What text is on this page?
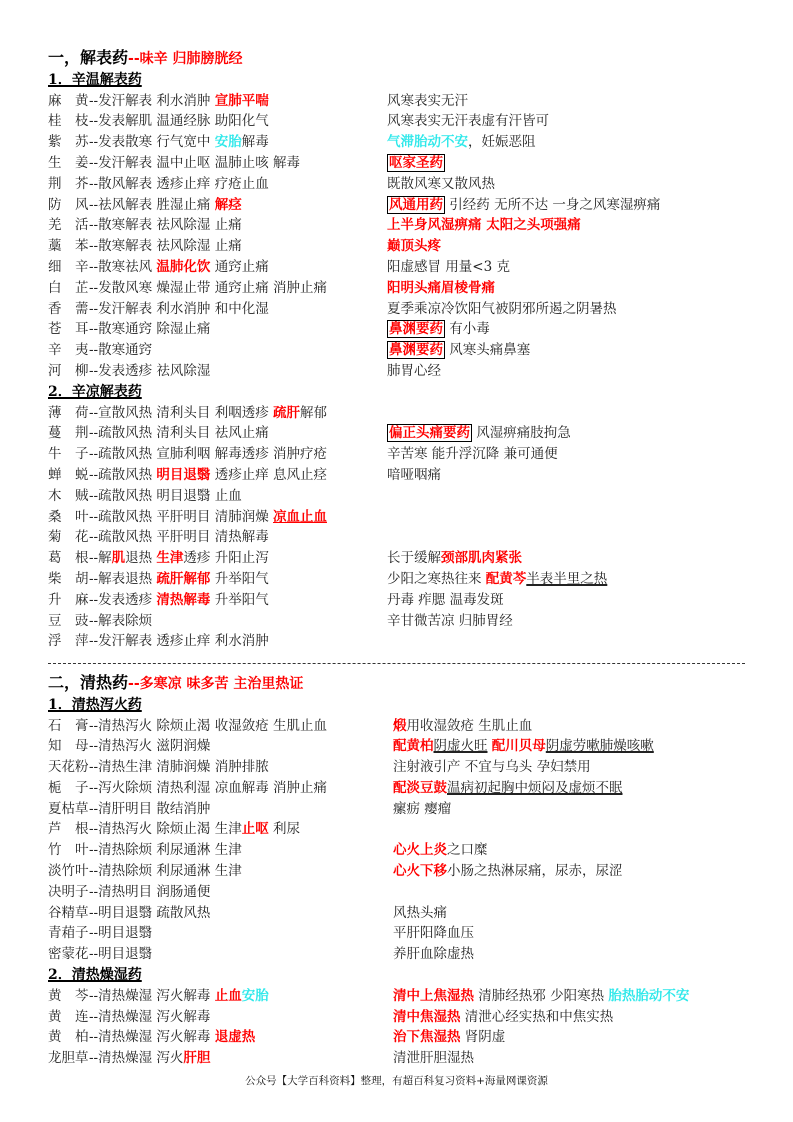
一，解表药--味辛 归肺膀胱经
1．辛温解表药
麻　黄 --发汗解表 利水消肿 宣肺平喘	风寒表实无汗
桂　枝 --发表解肌 温通经脉 助阳化气	风寒表实无汗表虚有汗皆可
紫　苏 --发表散寒 行气宽中 安胎解毒	气滞胎动不安，妊娠恶阻
生　姜 --发汗解表 温中止呕 温肺止咳 解毒	呕家圣药
荆　芥 --散风解表 透疹止痒 疗疮止血	既散风寒又散风热
防　风 --祛风解表 胜湿止痛 解痉	风通用药 引经药 无所不达 一身之风寒湿痹痛
羌　活 --散寒解表 祛风除湿 止痛	上半身风湿痹痛 太阳之头项强痛
藁　苯 --散寒解表 祛风除湿 止痛	巅顶头疼
细　辛 --散寒祛风 温肺化饮 通窍止痛	阳虚感冒 用量<3 克
白　芷 --发散风寒 燥湿止带 通窍止痛 消肿止痛	阳明头痛眉棱骨痛
香　薷 --发汗解表 利水消肿 和中化湿	夏季乘凉冷饮阳气被阴邪所遏之阴暑热
苍　耳 --散寒通窍 除湿止痛	鼻渊要药 有小毒
辛　夷 --散寒通窍	鼻渊要药 风寒头痛鼻塞
河　柳 --发表透疹 祛风除湿	肺胃心经
2．辛凉解表药
薄　荷 --宣散风热 清利头目 利咽透疹 疏肝解郁
蔓　荆 --疏散风热 清利头目 祛风止痛	偏正头痛要药 风湿痹痛肢拘急
牛　子 --疏散风热 宣肺利咽 解毒透疹 消肿疗疮	辛苦寒 能升浮沉降 兼可通便
蝉　蜕 --疏散风热 明目退翳 透疹止痒 息风止痉	喑哑咽痛
木　贼 --疏散风热 明目退翳 止血
桑　叶 --疏散风热 平肝明目 清肺润燥 凉血止血
菊　花 --疏散风热 平肝明目 清热解毒
葛　根 --解肌退热 生津透疹 升阳止泻	长于缓解颈部肌肉紧张
柴　胡 --解表退热 疏肝解郁 升举阳气	少阳之寒热往来 配黄芩半表半里之热
升　麻 --发表透疹 清热解毒 升举阳气	丹毒 痄腮 温毒发斑
豆　豉 --解表除烦	辛甘微苦凉 归肺胃经
浮　萍 --发汗解表 透疹止痒 利水消肿
二，清热药--多寒凉 味多苦 主治里热证
1．清热泻火药
石　膏 --清热泻火 除烦止渴 收湿敛疮 生肌止血	煅用收湿敛疮 生肌止血
知　母 --清热泻火 滋阴润燥	配黄柏阴虚火旺 配川贝母阴虚劳嗽肺燥咳嗽
天花粉 --清热生津 清肺润燥 消肿排脓	注射液引产 不宜与乌头 孕妇禁用
栀　子 --泻火除烦 清热利湿 凉血解毒 消肿止痛	配淡豆鼓温病初起胸中烦闷及虚烦不眠
夏枯草 --清肝明目 散结消肿	瘰疬 瘿瘤
芦　根 --清热泻火 除烦止渴 生津止呕 利尿
竹　叶 --清热除烦 利尿通淋 生津	心火上炎之口糜
淡竹叶 --清热除烦 利尿通淋 生津	心火下移小肠之热淋尿痛，尿赤，尿涩
决明子 --清热明目 润肠通便
谷精草 --明目退翳 疏散风热	风热头痛
青葙子 --明目退翳	平肝阳降血压
密蒙花 --明目退翳	养肝血除虚热
2．清热燥湿药
黄　芩 --清热燥湿 泻火解毒 止血安胎	清中上焦湿热 清肺经热邪 少阳寒热 胎热胎动不安
黄　连 --清热燥湿 泻火解毒	清中焦湿热 清泄心经实热和中焦实热
黄　柏 --清热燥湿 泻火解毒 退虚热	治下焦湿热 肾阴虚
龙胆草 --清热燥湿 泻火肝胆	清泄肝胆湿热
公众号【大学百科资料】整理，有超百科复习资料+海量网课资源
